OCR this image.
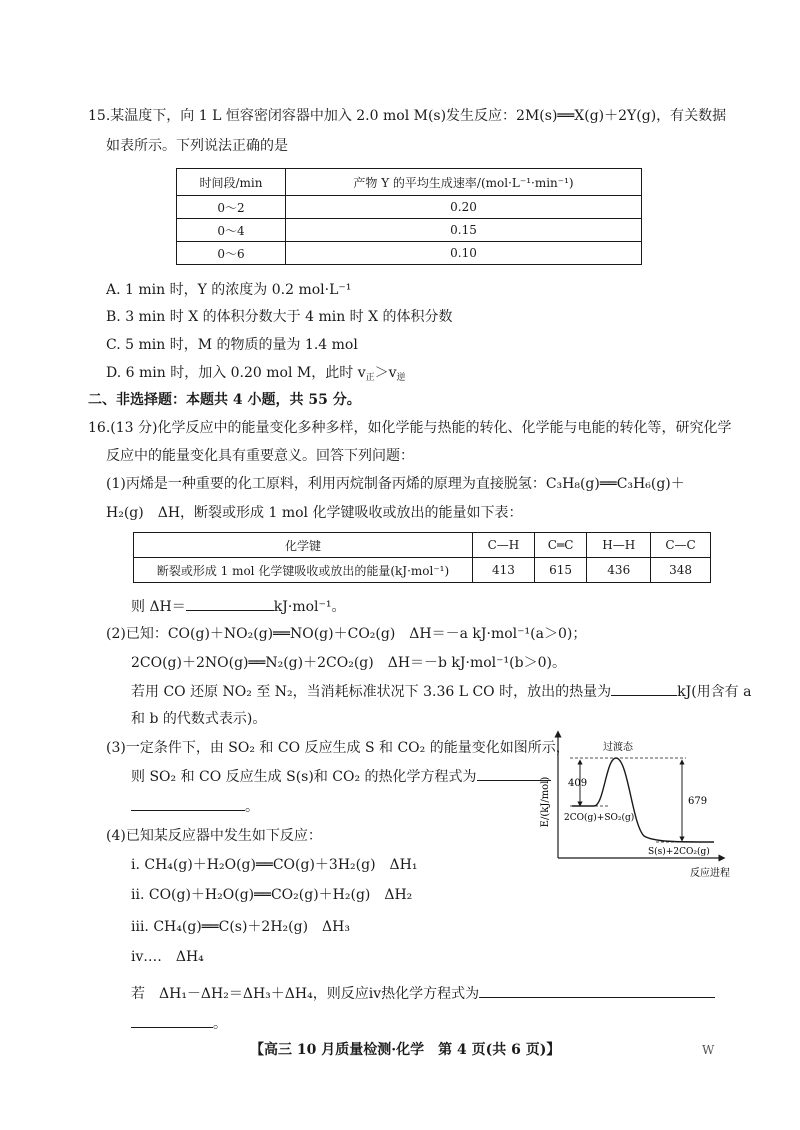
15.某温度下，向 1 L 恒容密闭容器中加入 2.0 mol M(s)发生反应：2M(s)══X(g)＋2Y(g)，有关数据
如表所示。下列说法正确的是
时间段/min	产物 Y 的平均生成速率/(mol·L⁻¹·min⁻¹)
0～2	0.20
0～4	0.15
0～6	0.10
A. 1 min 时，Y 的浓度为 0.2 mol·L⁻¹
B. 3 min 时 X 的体积分数大于 4 min 时 X 的体积分数
C. 5 min 时，M 的物质的量为 1.4 mol
D. 6 min 时，加入 0.20 mol M，此时 $v_正>v_逆$
二、非选择题：本题共 4 小题，共 55 分。
16.(13 分)化学反应中的能量变化多种多样，如化学能与热能的转化、化学能与电能的转化等，研究化学
反应中的能量变化具有重要意义。回答下列问题：
(1)丙烯是一种重要的化工原料，利用丙烷制备丙烯的原理为直接脱氢：C₃H₈(g)══C₃H₆(g)＋
H₂(g)　ΔH，断裂或形成 1 mol 化学键吸收或放出的能量如下表：
化学键	C—H	C═C	H—H	C—C
断裂或形成 1 mol 化学键吸收或放出的能量(kJ·mol⁻¹)	413	615	436	348
则 ΔH＝	kJ·mol⁻¹。
(2)已知：CO(g)＋NO₂(g)══NO(g)＋CO₂(g)　ΔH＝－a kJ·mol⁻¹(a＞0)；
2CO(g)＋2NO(g)══N₂(g)＋2CO₂(g)　ΔH＝－b kJ·mol⁻¹(b＞0)。
若用 CO 还原 NO₂ 至 N₂，当消耗标准状况下 3.36 L CO 时，放出的热量为	kJ(用含有 a
和 b 的代数式表示)。
(3)一定条件下，由 SO₂ 和 CO 反应生成 S 和 CO₂ 的能量变化如图所示，
则 SO₂ 和 CO 反应生成 S(s)和 CO₂ 的热化学方程式为
。	E/(kJ/mol)
过渡态
409
679
2CO(g)+SO₂(g)
S(s)+2CO₂(g)
反应进程
(4)已知某反应器中发生如下反应：
ⅰ. CH₄(g)＋H₂O(g)══CO(g)＋3H₂(g)　ΔH₁
ⅱ. CO(g)＋H₂O(g)══CO₂(g)＋H₂(g)　ΔH₂
ⅲ. CH₄(g)══C(s)＋2H₂(g)　ΔH₃
ⅳ.…　ΔH₄
若　ΔH₁－ΔH₂＝ΔH₃＋ΔH₄，则反应ⅳ热化学方程式为
。
【高三 10 月质量检测·化学　第 4 页(共 6 页)】	W
